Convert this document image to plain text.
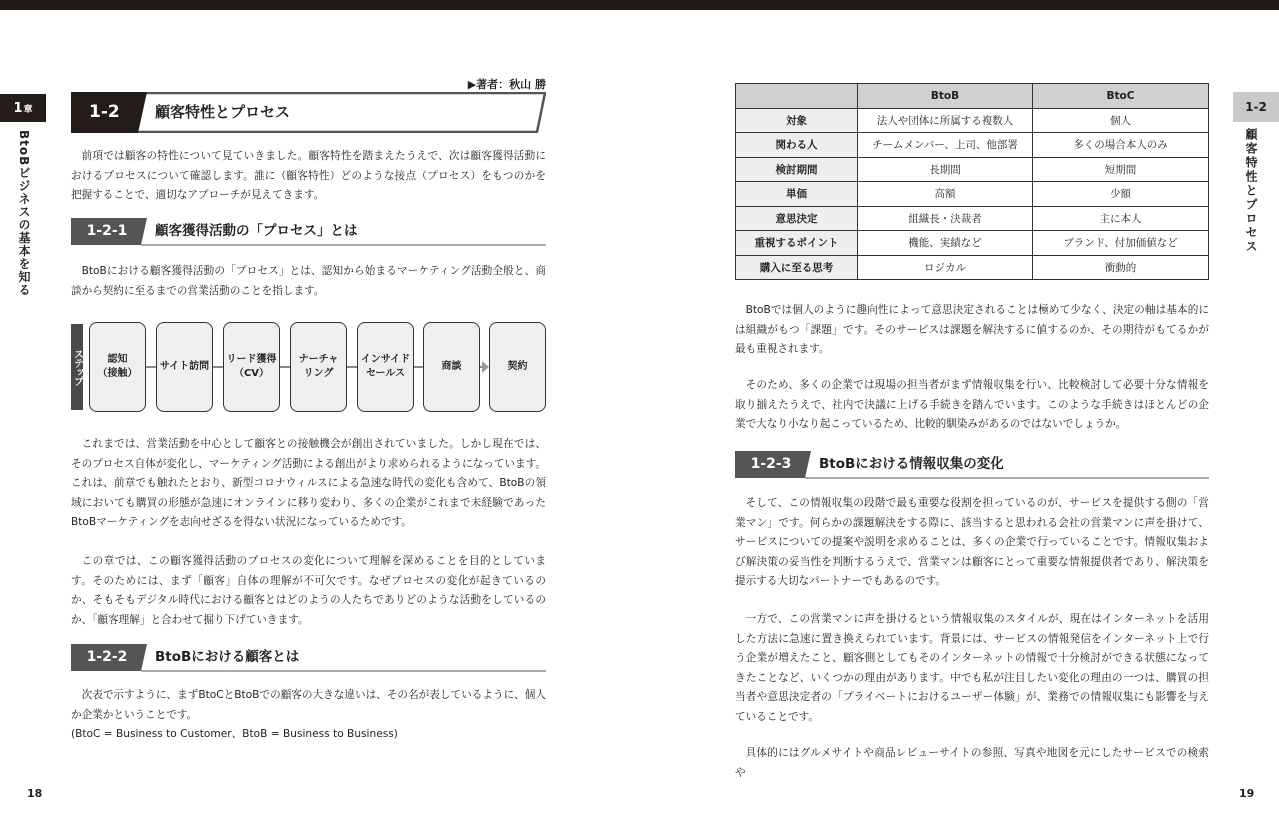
1 章
BtoBビジネスの基本を知る
▶著者：秋山 勝
1-2	顧客特性とプロセス
前項では顧客の特性について見ていきました。顧客特性を踏まえたうえで、次は顧客獲得活動におけるプロセスについて確認します。誰に（顧客特性）どのような接点（プロセス）をもつのかを把握することで、適切なアプローチが見えてきます。
1-2-1	顧客獲得活動の「プロセス」とは
BtoBにおける顧客獲得活動の「プロセス」とは、認知から始まるマーケティング活動全般と、商談から契約に至るまでの営業活動のことを指します。
ステップ	認知
（接触）
サイト訪問
リード獲得
（CV）
ナーチャ
リング
インサイド
セールス
商談	契約
これまでは、営業活動を中心として顧客との接触機会が創出されていました。しかし現在では、そのプロセス自体が変化し、マーケティング活動による創出がより求められるようになっています。これは、前章でも触れたとおり、新型コロナウィルスによる急速な時代の変化も含めて、BtoBの領域においても購買の形態が急速にオンラインに移り変わり、多くの企業がこれまで未経験であったBtoBマーケティングを志向せざるを得ない状況になっているためです。
この章では、この顧客獲得活動のプロセスの変化について理解を深めることを目的としています。そのためには、まず「顧客」自体の理解が不可欠です。なぜプロセスの変化が起きているのか、そもそもデジタル時代における顧客とはどのようの人たちでありどのような活動をしているのか、「顧客理解」と合わせて掘り下げていきます。
1-2-2	BtoBにおける顧客とは
次表で示すように、まずBtoCとBtoBでの顧客の大きな違いは、その名が表しているように、個人か企業かということです。
(BtoC = Business to Customer、BtoB = Business to Business)
18
1-2
顧客特性とプロセス
	BtoB	BtoC
対象	法人や団体に所属する複数人	個人
関わる人	チームメンバー、上司、他部署	多くの場合本人のみ
検討期間	長期間	短期間
単価	高額	少額
意思決定	組織長・決裁者	主に本人
重視するポイント	機能、実績など	ブランド、付加価値など
購入に至る思考	ロジカル	衝動的
BtoBでは個人のように趣向性によって意思決定されることは極めて少なく、決定の軸は基本的には組織がもつ「課題」です。そのサービスは課題を解決するに値するのか、その期待がもてるかが最も重視されます。
そのため、多くの企業では現場の担当者がまず情報収集を行い、比較検討して必要十分な情報を取り揃えたうえで、社内で決議に上げる手続きを踏んでいます。このような手続きはほとんどの企業で大なり小なり起こっているため、比較的馴染みがあるのではないでしょうか。
1-2-3	BtoBにおける情報収集の変化
そして、この情報収集の段階で最も重要な役割を担っているのが、サービスを提供する側の「営業マン」です。何らかの課題解決をする際に、該当すると思われる会社の営業マンに声を掛けて、サービスについての提案や説明を求めることは、多くの企業で行っていることです。情報収集および解決策の妥当性を判断するうえで、営業マンは顧客にとって重要な情報提供者であり、解決策を提示する大切なパートナーでもあるのです。
一方で、この営業マンに声を掛けるという情報収集のスタイルが、現在はインターネットを活用した方法に急速に置き換えられています。背景には、サービスの情報発信をインターネット上で行う企業が増えたこと、顧客側としてもそのインターネットの情報で十分検討ができる状態になってきたことなど、いくつかの理由があります。中でも私が注目したい変化の理由の一つは、購買の担当者や意思決定者の「プライベートにおけるユーザー体験」が、業務での情報収集にも影響を与えていることです。
具体的にはグルメサイトや商品レビューサイトの参照、写真や地図を元にしたサービスでの検索や
19
